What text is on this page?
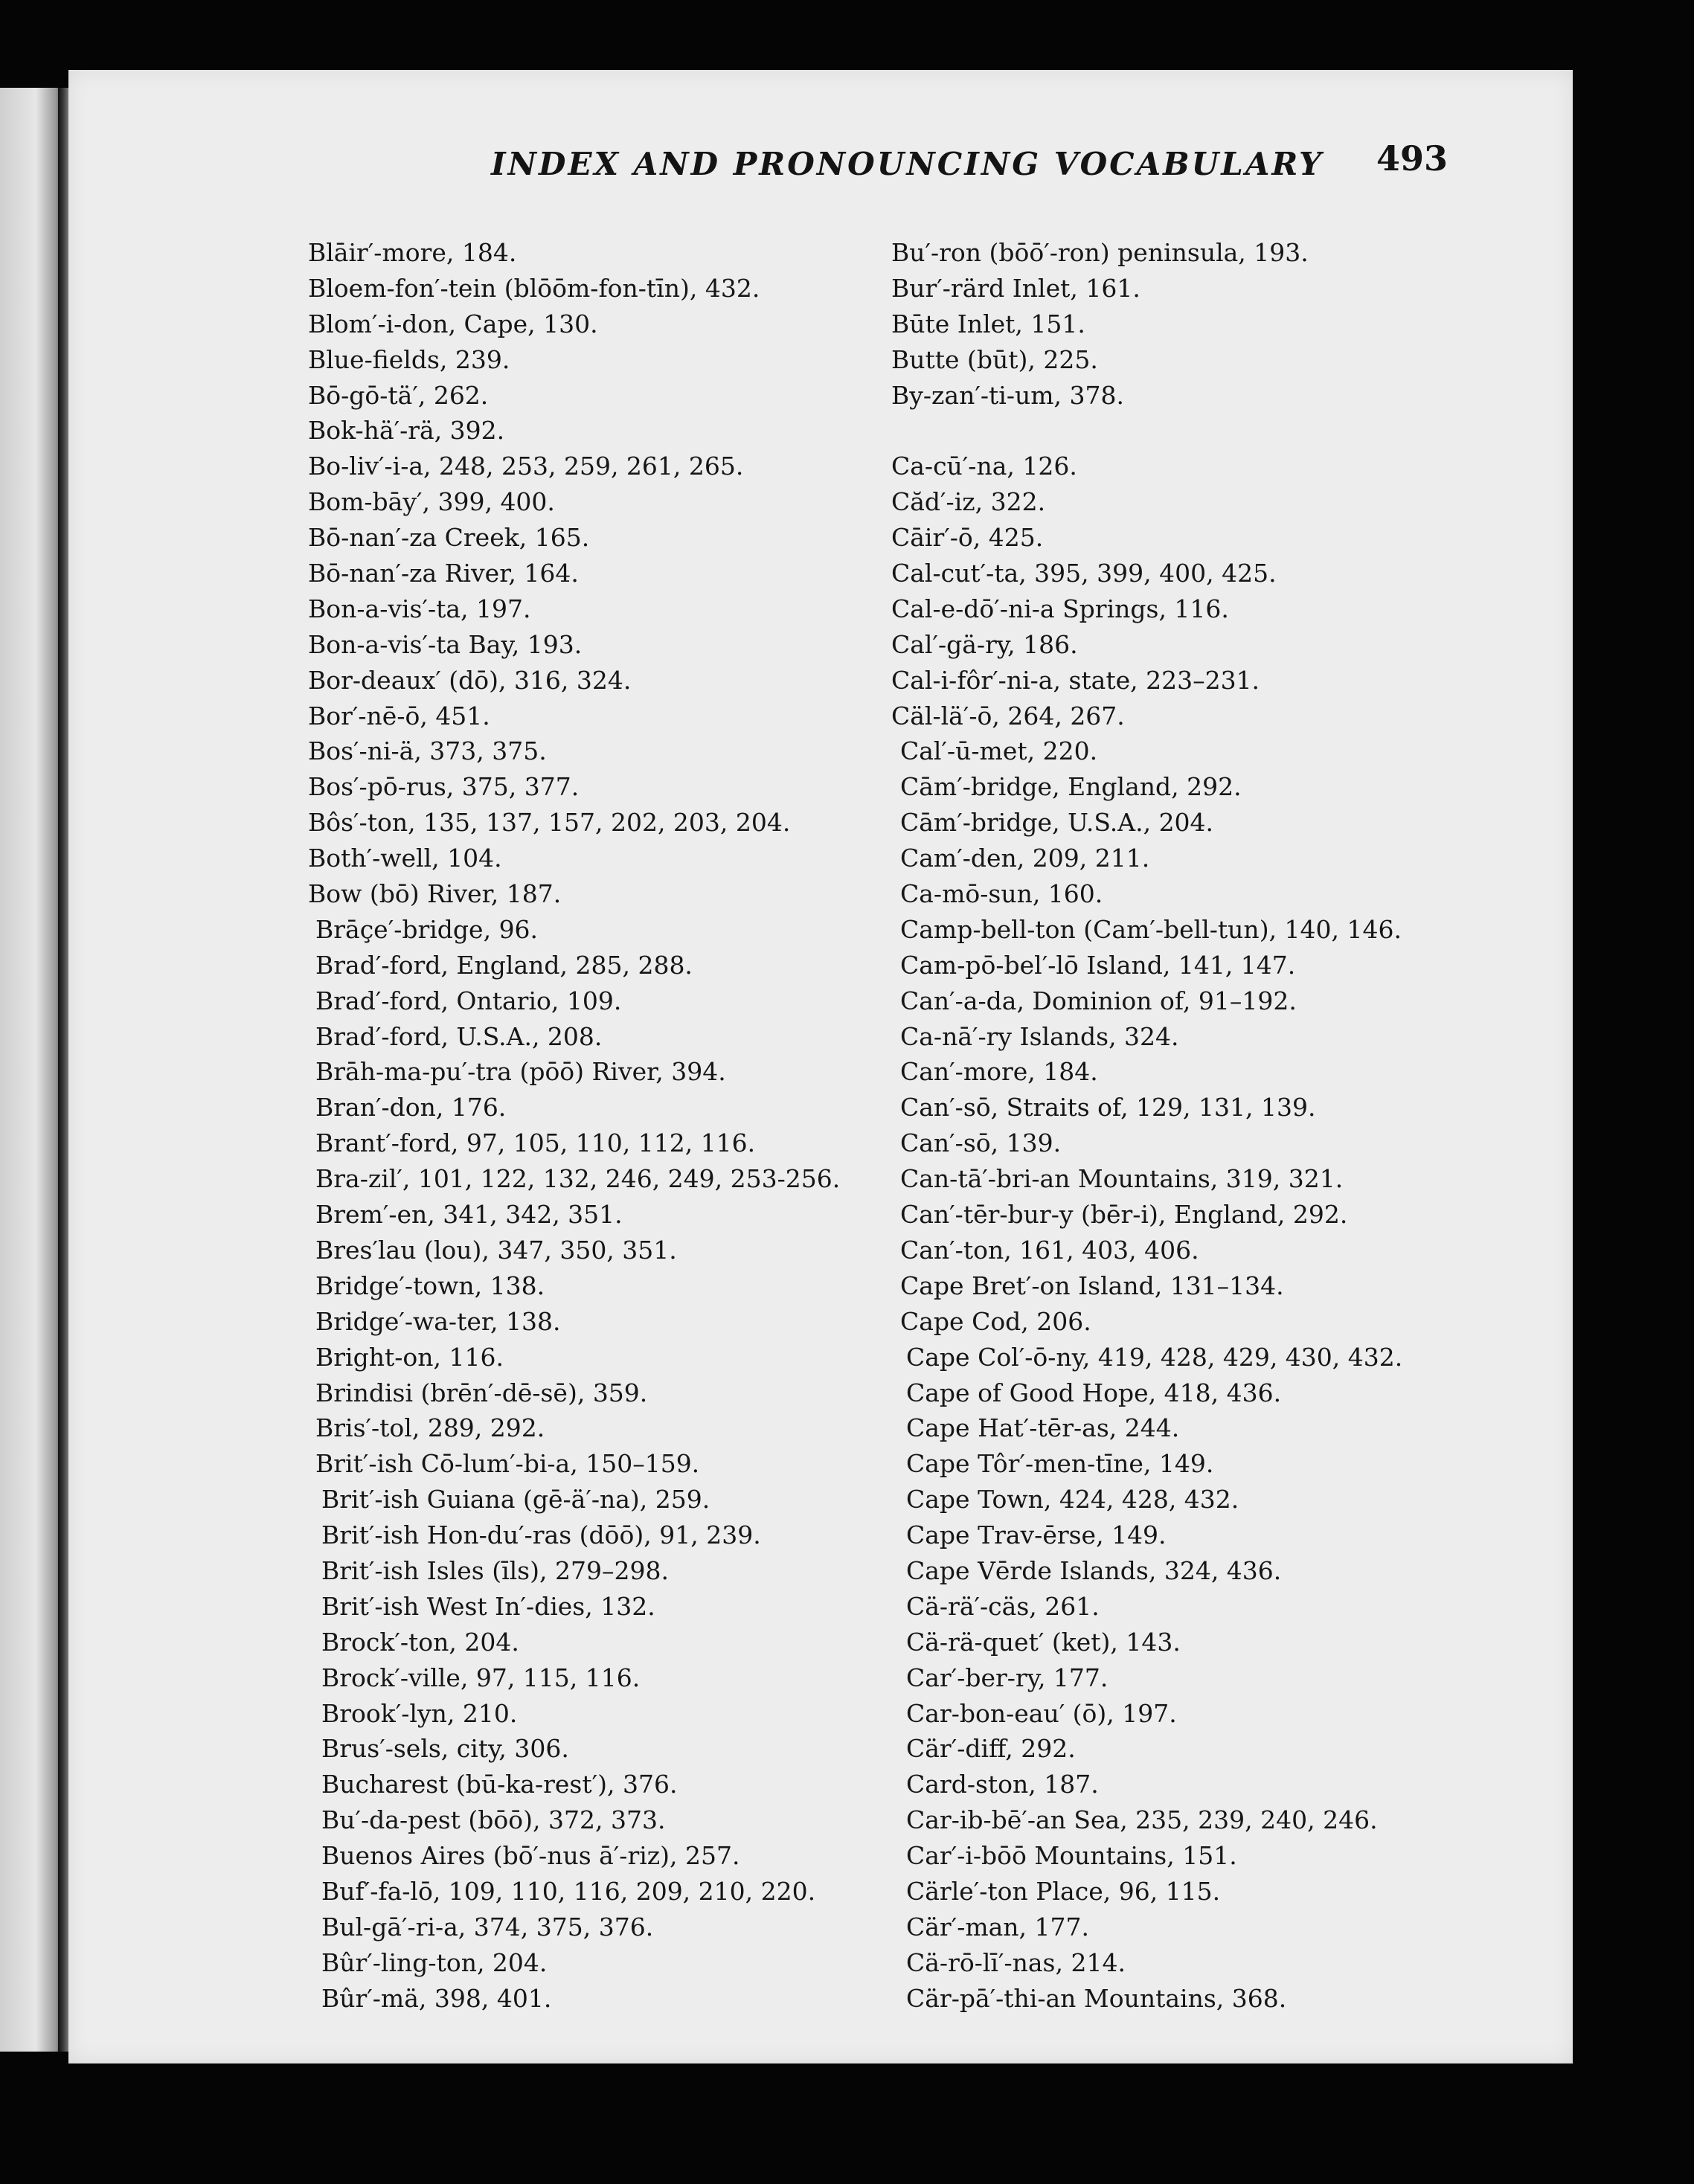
INDEX AND PRONOUNCING VOCABULARY 493
Blāir′-more, 184.
Bloem-fon′-tein (blōōm-fon-tīn), 432.
Blom′-i-don, Cape, 130.
Blue-fields, 239.
Bō-gō-tä′, 262.
Bok-hä′-rä, 392.
Bo-liv′-i-a, 248, 253, 259, 261, 265.
Bom-bāy′, 399, 400.
Bō-nan′-za Creek, 165.
Bō-nan′-za River, 164.
Bon-a-vis′-ta, 197.
Bon-a-vis′-ta Bay, 193.
Bor-deaux′ (dō), 316, 324.
Bor′-nē-ō, 451.
Bos′-ni-ä, 373, 375.
Bos′-pō-rus, 375, 377.
Bôs′-ton, 135, 137, 157, 202, 203, 204.
Both′-well, 104.
Bow (bō) River, 187.
Brāçe′-bridge, 96.
Brad′-ford, England, 285, 288.
Brad′-ford, Ontario, 109.
Brad′-ford, U.S.A., 208.
Brāh-ma-pu′-tra (pōō) River, 394.
Bran′-don, 176.
Brant′-ford, 97, 105, 110, 112, 116.
Bra-zil′, 101, 122, 132, 246, 249, 253-256.
Brem′-en, 341, 342, 351.
Bres′lau (lou), 347, 350, 351.
Bridge′-town, 138.
Bridge′-wa-ter, 138.
Bright-on, 116.
Brindisi (brēn′-dē-sē), 359.
Bris′-tol, 289, 292.
Brit′-ish Cō-lum′-bi-a, 150–159.
Brit′-ish Guiana (gē-ä′-na), 259.
Brit′-ish Hon-du′-ras (dōō), 91, 239.
Brit′-ish Isles (īls), 279–298.
Brit′-ish West In′-dies, 132.
Brock′-ton, 204.
Brock′-ville, 97, 115, 116.
Brook′-lyn, 210.
Brus′-sels, city, 306.
Bucharest (bū-ka-rest′), 376.
Bu′-da-pest (bōō), 372, 373.
Buenos Aires (bō′-nus ā′-riz), 257.
Buf′-fa-lō, 109, 110, 116, 209, 210, 220.
Bul-gā′-ri-a, 374, 375, 376.
Bûr′-ling-ton, 204.
Bûr′-mä, 398, 401.
Bu′-ron (bōō′-ron) peninsula, 193.
Bur′-rärd Inlet, 161.
Būte Inlet, 151.
Butte (būt), 225.
By-zan′-ti-um, 378.
Ca-cū′-na, 126.
Căd′-iz, 322.
Cāir′-ō, 425.
Cal-cut′-ta, 395, 399, 400, 425.
Cal-e-dō′-ni-a Springs, 116.
Cal′-gä-ry, 186.
Cal-i-fôr′-ni-a, state, 223–231.
Cäl-lä′-ō, 264, 267.
Cal′-ū-met, 220.
Cām′-bridge, England, 292.
Cām′-bridge, U.S.A., 204.
Cam′-den, 209, 211.
Ca-mō-sun, 160.
Camp-bell-ton (Cam′-bell-tun), 140, 146.
Cam-pō-bel′-lō Island, 141, 147.
Can′-a-da, Dominion of, 91–192.
Ca-nā′-ry Islands, 324.
Can′-more, 184.
Can′-sō, Straits of, 129, 131, 139.
Can′-sō, 139.
Can-tā′-bri-an Mountains, 319, 321.
Can′-tēr-bur-y (bēr-i), England, 292.
Can′-ton, 161, 403, 406.
Cape Bret′-on Island, 131–134.
Cape Cod, 206.
Cape Col′-ō-ny, 419, 428, 429, 430, 432.
Cape of Good Hope, 418, 436.
Cape Hat′-tēr-as, 244.
Cape Tôr′-men-tīne, 149.
Cape Town, 424, 428, 432.
Cape Trav-ērse, 149.
Cape Vērde Islands, 324, 436.
Cä-rä′-cäs, 261.
Cä-rä-quet′ (ket), 143.
Car′-ber-ry, 177.
Car-bon-eau′ (ō), 197.
Cär′-diff, 292.
Card-ston, 187.
Car-ib-bē′-an Sea, 235, 239, 240, 246.
Car′-i-bōō Mountains, 151.
Cärle′-ton Place, 96, 115.
Cär′-man, 177.
Cä-rō-lī′-nas, 214.
Cär-pā′-thi-an Mountains, 368.
